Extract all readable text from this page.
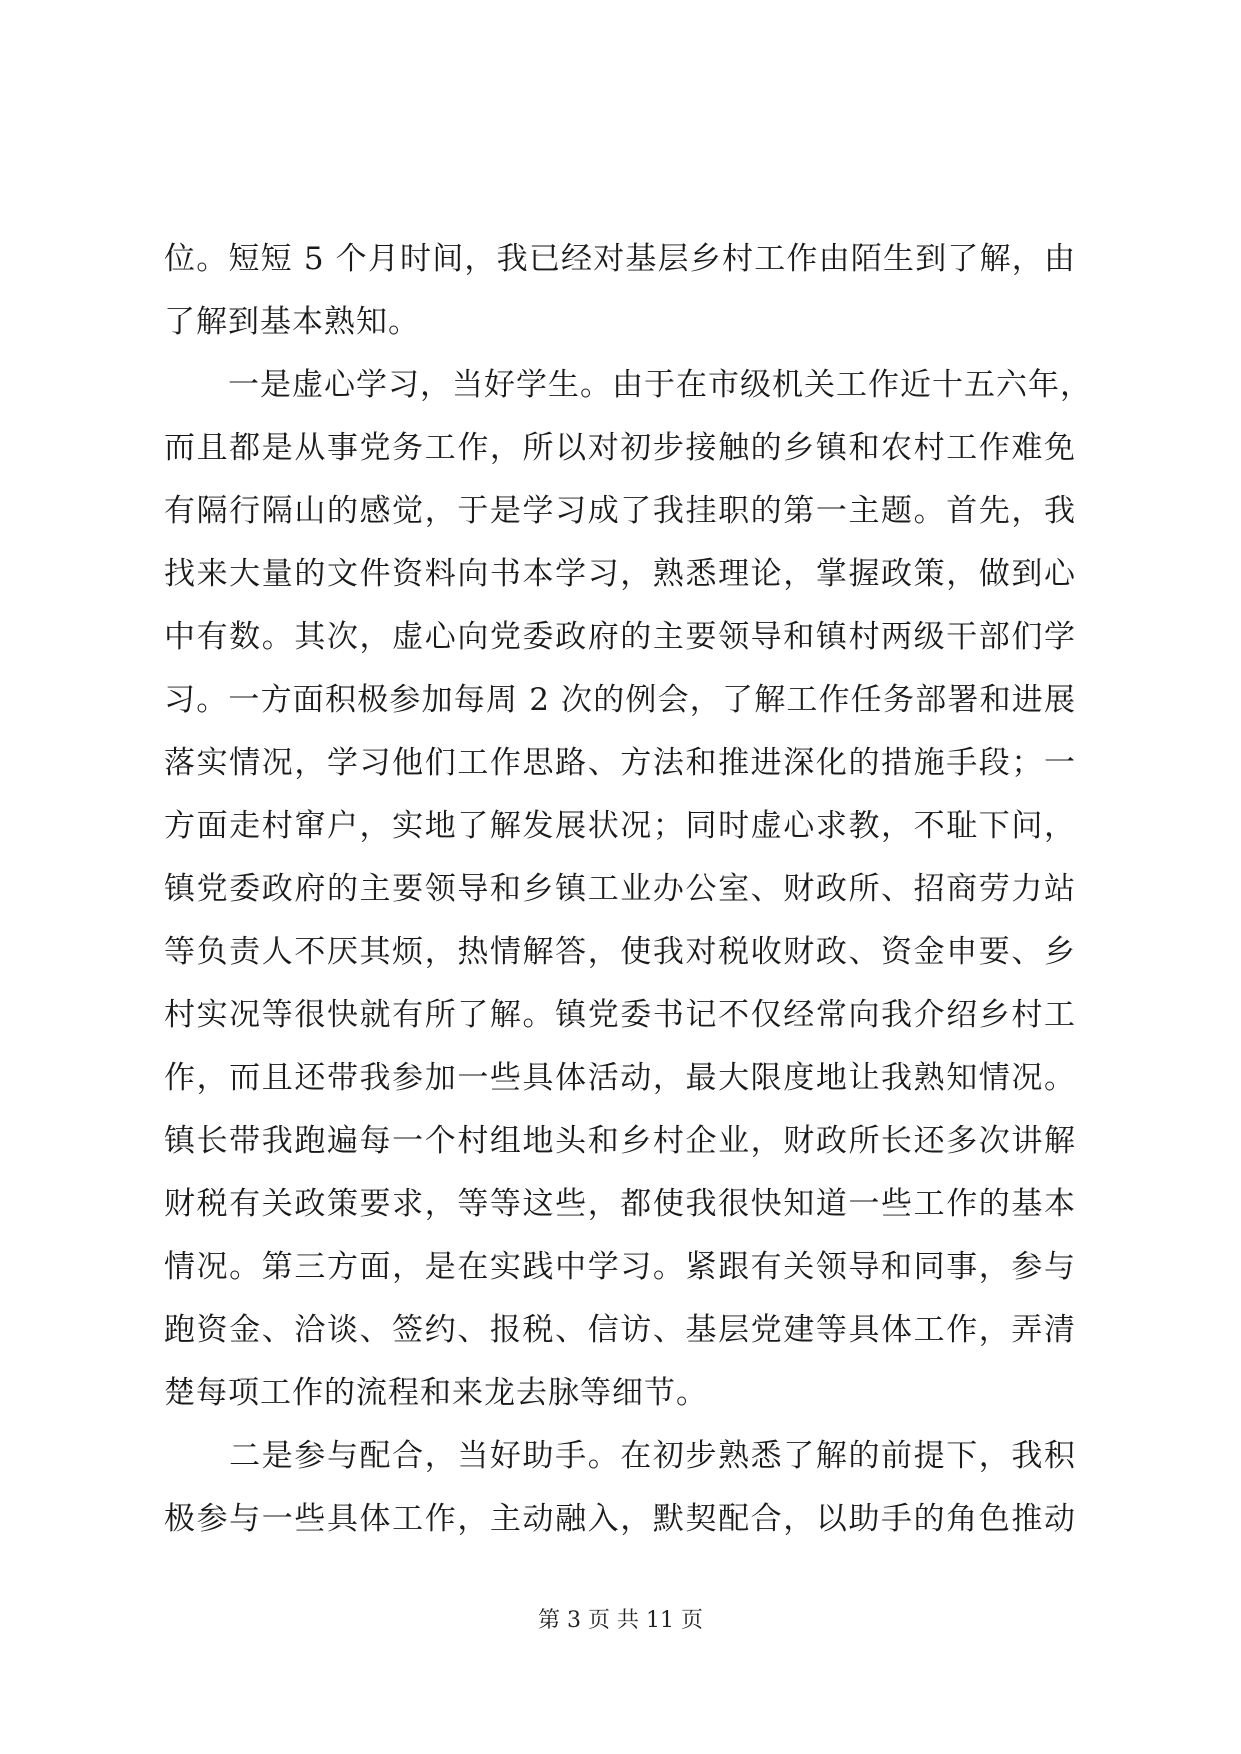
位。短短 5 个月时间，我已经对基层乡村工作由陌生到了解，由
了解到基本熟知。
　　一是虚心学习，当好学生。由于在市级机关工作近十五六年，
而且都是从事党务工作，所以对初步接触的乡镇和农村工作难免
有隔行隔山的感觉，于是学习成了我挂职的第一主题。首先，我
找来大量的文件资料向书本学习，熟悉理论，掌握政策，做到心
中有数。其次，虚心向党委政府的主要领导和镇村两级干部们学
习。一方面积极参加每周 2 次的例会，了解工作任务部署和进展
落实情况，学习他们工作思路、方法和推进深化的措施手段；一
方面走村窜户，实地了解发展状况；同时虚心求教，不耻下问，
镇党委政府的主要领导和乡镇工业办公室、财政所、招商劳力站
等负责人不厌其烦，热情解答，使我对税收财政、资金申要、乡
村实况等很快就有所了解。镇党委书记不仅经常向我介绍乡村工
作，而且还带我参加一些具体活动，最大限度地让我熟知情况。
镇长带我跑遍每一个村组地头和乡村企业，财政所长还多次讲解
财税有关政策要求，等等这些，都使我很快知道一些工作的基本
情况。第三方面，是在实践中学习。紧跟有关领导和同事，参与
跑资金、洽谈、签约、报税、信访、基层党建等具体工作，弄清
楚每项工作的流程和来龙去脉等细节。
　　二是参与配合，当好助手。在初步熟悉了解的前提下，我积
极参与一些具体工作，主动融入，默契配合，以助手的角色推动
第 3 页 共 11 页
